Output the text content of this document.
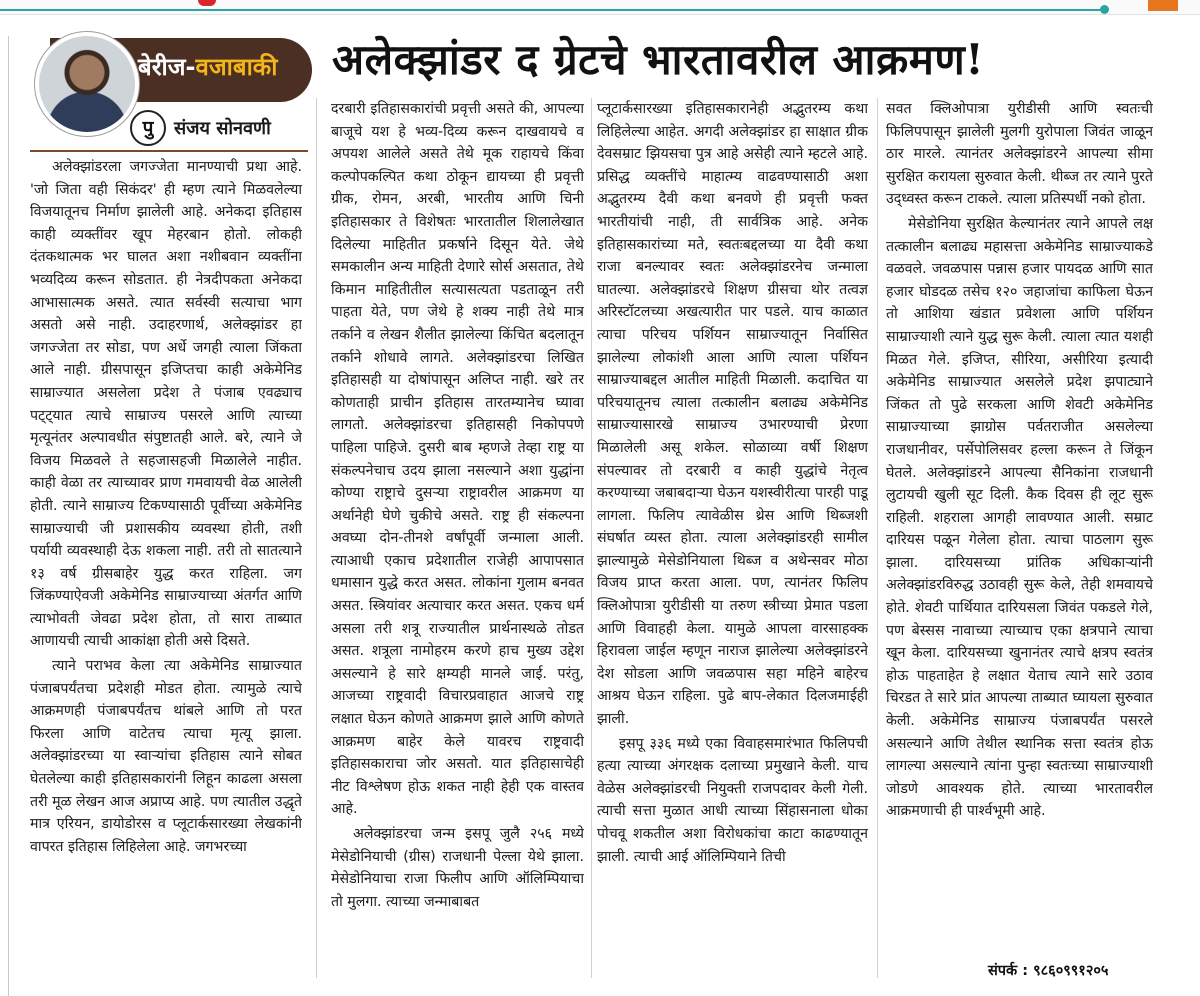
बेरीज-वजाबाकी
पु	संजय सोनवणी
अलेक्झांडर द ग्रेटचे भारतावरील आक्रमण!

अलेक्झांडरला जगज्जेता मानण्याची प्रथा आहे. 'जो जिता वही सिकंदर' ही म्हण त्याने मिळवलेल्या विजयातूनच निर्माण झालेली आहे. अनेकदा इतिहास काही व्यक्तींवर खूप मेहरबान होतो. लोकही दंतकथात्मक भर घालत अशा नशीबवान व्यक्तींना भव्यदिव्य करून सोडतात. ही नेत्रदीपकता अनेकदा आभासात्मक असते. त्यात सर्वस्वी सत्याचा भाग असतो असे नाही. उदाहरणार्थ, अलेक्झांडर हा जगज्जेता तर सोडा, पण अर्धे जगही त्याला जिंकता आले नाही. ग्रीसपासून इजिप्तचा काही अकेमेनिड साम्राज्यात असलेला प्रदेश ते पंजाब एवढ्याच पट्ट्यात त्याचे साम्राज्य पसरले आणि त्याच्या मृत्यूनंतर अल्पावधीत संपुष्टातही आले. बरे, त्याने जे विजय मिळवले ते सहजासहजी मिळालेले नाहीत. काही वेळा तर त्याच्यावर प्राण गमवायची वेळ आलेली होती. त्याने साम्राज्य टिकण्यासाठी पूर्वीच्या अकेमेनिड साम्राज्याची जी प्रशासकीय व्यवस्था होती, तशी पर्यायी व्यवस्थाही देऊ शकला नाही. तरी तो सातत्याने १३ वर्ष ग्रीसबाहेर युद्ध करत राहिला. जग जिंकण्याऐवजी अकेमेनिड साम्राज्याच्या अंतर्गत आणि त्याभोवती जेवढा प्रदेश होता, तो सारा ताब्यात आणायची त्याची आकांक्षा होती असे दिसते.

त्याने पराभव केला त्या अकेमेनिड साम्राज्यात पंजाबपर्यंतचा प्रदेशही मोडत होता. त्यामुळे त्याचे आक्रमणही पंजाबपर्यंतच थांबले आणि तो परत फिरला आणि वाटेतच त्याचा मृत्यू झाला. अलेक्झांडरच्या या स्वाऱ्यांचा इतिहास त्याने सोबत घेतलेल्या काही इतिहासकारांनी लिहून काढला असला तरी मूळ लेखन आज अप्राप्य आहे. पण त्यातील उद्धृते मात्र एरियन, डायोडोरस व प्लूटार्कसारख्या लेखकांनी वापरत इतिहास लिहिलेला आहे. जगभरच्या

दरबारी इतिहासकारांची प्रवृत्ती असते की, आपल्या बाजूचे यश हे भव्य-दिव्य करून दाखवायचे व अपयश आलेले असते तेथे मूक राहायचे किंवा कल्पोपकल्पित कथा ठोकून द्यायच्या ही प्रवृत्ती ग्रीक, रोमन, अरबी, भारतीय आणि चिनी इतिहासकार ते विशेषतः भारतातील शिलालेखात दिलेल्या माहितीत प्रकर्षाने दिसून येते. जेथे समकालीन अन्य माहिती देणारे सोर्स असतात, तेथे किमान माहितीतील सत्यासत्यता पडताळून तरी पाहता येते, पण जेथे हे शक्य नाही तेथे मात्र तर्काने व लेखन शैलीत झालेल्या किंचित बदलातून तर्काने शोधावे लागते. अलेक्झांडरचा लिखित इतिहासही या दोषांपासून अलिप्त नाही. खरे तर कोणताही प्राचीन इतिहास तारतम्यानेच घ्यावा लागतो. अलेक्झांडरचा इतिहासही निकोपपणे पाहिला पाहिजे. दुसरी बाब म्हणजे तेव्हा राष्ट्र या संकल्पनेचाच उदय झाला नसल्याने अशा युद्धांना कोण्या राष्ट्राचे दुसऱ्या राष्ट्रावरील आक्रमण या अर्थानेही घेणे चुकीचे असते. राष्ट्र ही संकल्पना अवघ्या दोन-तीनशे वर्षांपूर्वी जन्माला आली. त्याआधी एकाच प्रदेशातील राजेही आपापसात धमासान युद्धे करत असत. लोकांना गुलाम बनवत असत. स्त्रियांवर अत्याचार करत असत. एकच धर्म असला तरी शत्रू राज्यातील प्रार्थनास्थळे तोडत असत. शत्रूला नामोहरम करणे हाच मुख्य उद्देश असल्याने हे सारे क्षम्यही मानले जाई. परंतु, आजच्या राष्ट्रवादी विचारप्रवाहात आजचे राष्ट्र लक्षात घेऊन कोणते आक्रमण झाले आणि कोणते आक्रमण बाहेर केले यावरच राष्ट्रवादी इतिहासकाराचा जोर असतो. यात इतिहासाचेही नीट विश्लेषण होऊ शकत नाही हेही एक वास्तव आहे.

अलेक्झांडरचा जन्म इसपू जुलै २५६ मध्ये मेसेडोनियाची (ग्रीस) राजधानी पेल्ला येथे झाला. मेसेडोनियाचा राजा फिलीप आणि ऑलिम्पियाचा तो मुलगा. त्याच्या जन्माबाबत

प्लूटार्कसारख्या इतिहासकारानेही अद्भुतरम्य कथा लिहिलेल्या आहेत. अगदी अलेक्झांडर हा साक्षात ग्रीक देवसम्राट झियसचा पुत्र आहे असेही त्याने म्हटले आहे. प्रसिद्ध व्यक्तींचे माहात्म्य वाढवण्यासाठी अशा अद्भुतरम्य दैवी कथा बनवणे ही प्रवृत्ती फक्त भारतीयांची नाही, ती सार्वत्रिक आहे. अनेक इतिहासकारांच्या मते, स्वतःबद्दलच्या या दैवी कथा राजा बनल्यावर स्वतः अलेक्झांडरनेच जन्माला घातल्या. अलेक्झांडरचे शिक्षण ग्रीसचा थोर तत्वज्ञ अरिस्टॉटलच्या अखत्यारीत पार पडले. याच काळात त्याचा परिचय पर्शियन साम्राज्यातून निर्वासित झालेल्या लोकांशी आला आणि त्याला पर्शियन साम्राज्याबद्दल आतील माहिती मिळाली. कदाचित या परिचयातूनच त्याला तत्कालीन बलाढ्य अकेमेनिड साम्राज्यासारखे साम्राज्य उभारण्याची प्रेरणा मिळालेली असू शकेल. सोळाव्या वर्षी शिक्षण संपल्यावर तो दरबारी व काही युद्धांचे नेतृत्व करण्याच्या जबाबदाऱ्या घेऊन यशस्वीरीत्या पारही पाडू लागला. फिलिप त्यावेळीस थ्रेस आणि थिब्जशी संघर्षात व्यस्त होता. त्याला अलेक्झांडरही सामील झाल्यामुळे मेसेडोनियाला थिब्ज व अथेन्सवर मोठा विजय प्राप्त करता आला. पण, त्यानंतर फिलिप क्लिओपात्रा युरीडीसी या तरुण स्त्रीच्या प्रेमात पडला आणि विवाहही केला. यामुळे आपला वारसाहक्क हिरावला जाईल म्हणून नाराज झालेल्या अलेक्झांडरने देश सोडला आणि जवळपास सहा महिने बाहेरच आश्रय घेऊन राहिला. पुढे बाप-लेकात दिलजमाईही झाली.

इसपू ३३६ मध्ये एका विवाहसमारंभात फिलिपची हत्या त्याच्या अंगरक्षक दलाच्या प्रमुखाने केली. याच वेळेस अलेक्झांडरची नियुक्ती राजपदावर केली गेली. त्याची सत्ता मुळात आधी त्याच्या सिंहासनाला धोका पोचवू शकतील अशा विरोधकांचा काटा काढण्यातून झाली. त्याची आई ऑलिम्पियाने तिची

सवत क्लिओपात्रा युरीडीसी आणि स्वतःची फिलिपपासून झालेली मुलगी युरोपाला जिवंत जाळून ठार मारले. त्यानंतर अलेक्झांडरने आपल्या सीमा सुरक्षित करायला सुरुवात केली. थीब्ज तर त्याने पुरते उद्ध्वस्त करून टाकले. त्याला प्रतिस्पर्धी नको होता.

मेसेडोनिया सुरक्षित केल्यानंतर त्याने आपले लक्ष तत्कालीन बलाढ्य महासत्ता अकेमेनिड साम्राज्याकडे वळवले. जवळपास पन्नास हजार पायदळ आणि सात हजार घोडदळ तसेच १२० जहाजांचा काफिला घेऊन तो आशिया खंडात प्रवेशला आणि पर्शियन साम्राज्याशी त्याने युद्ध सुरू केली. त्याला त्यात यशही मिळत गेले. इजिप्त, सीरिया, असीरिया इत्यादी अकेमेनिड साम्राज्यात असलेले प्रदेश झपाट्याने जिंकत तो पुढे सरकला आणि शेवटी अकेमेनिड साम्राज्याच्या झाग्रोस पर्वतराजीत असलेल्या राजधानीवर, पर्सेपोलिसवर हल्ला करून ते जिंकून घेतले. अलेक्झांडरने आपल्या सैनिकांना राजधानी लुटायची खुली सूट दिली. कैक दिवस ही लूट सुरू राहिली. शहराला आगही लावण्यात आली. सम्राट दारियस पळून गेलेला होता. त्याचा पाठलाग सुरू झाला. दारियसच्या प्रांतिक अधिकाऱ्यांनी अलेक्झांडरविरुद्ध उठावही सुरू केले, तेही शमवायचे होते. शेवटी पार्थियात दारियसला जिवंत पकडले गेले, पण बेस्सस नावाच्या त्याच्याच एका क्षत्रपाने त्याचा खून केला. दारियसच्या खुनानंतर त्याचे क्षत्रप स्वतंत्र होऊ पाहताहेत हे लक्षात येताच त्याने सारे उठाव चिरडत ते सारे प्रांत आपल्या ताब्यात घ्यायला सुरुवात केली. अकेमेनिड साम्राज्य पंजाबपर्यंत पसरले असल्याने आणि तेथील स्थानिक सत्ता स्वतंत्र होऊ लागल्या असल्याने त्यांना पुन्हा स्वतःच्या साम्राज्याशी जोडणे आवश्यक होते. त्याच्या भारतावरील आक्रमणाची ही पार्श्वभूमी आहे.

संपर्क : ९८६०९९१२०५
